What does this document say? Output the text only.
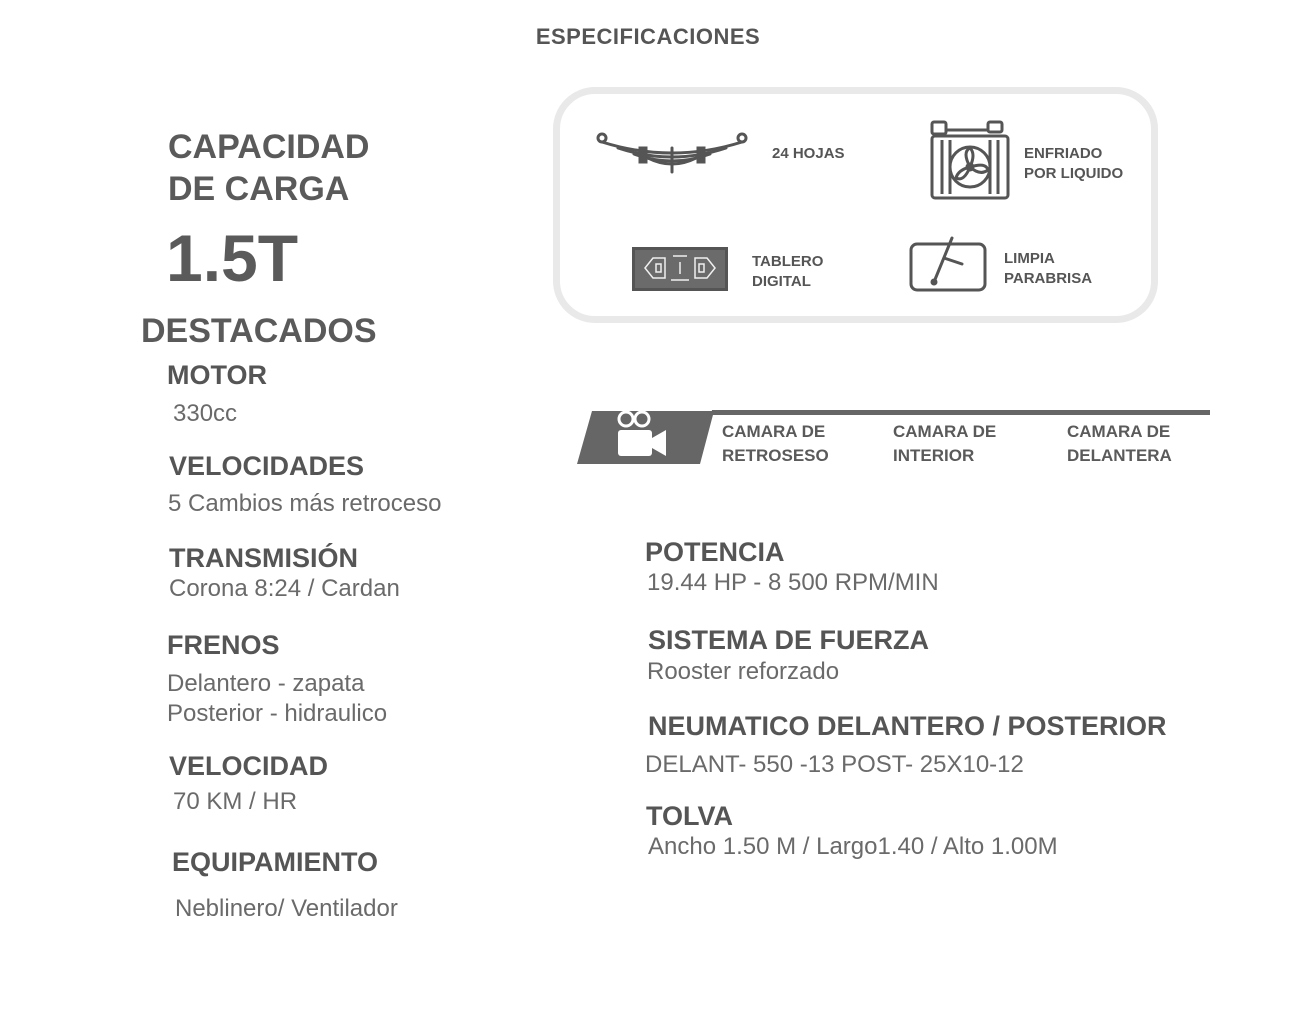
ESPECIFICACIONES
CAPACIDAD
DE CARGA
1.5T
DESTACADOS
MOTOR
330cc
VELOCIDADES
5 Cambios más retroceso
TRANSMISIÓN
Corona 8:24 / Cardan
FRENOS
Delantero - zapata
Posterior - hidraulico
VELOCIDAD
70 KM / HR
EQUIPAMIENTO
Neblinero/ Ventilador
24 HOJAS	ENFRIADO
POR LIQUIDO
TABLERO
DIGITAL
LIMPIA
PARABRISA
CAMARA DE
RETROSESO
CAMARA DE
INTERIOR
CAMARA DE
DELANTERA
POTENCIA
19.44 HP - 8 500 RPM/MIN
SISTEMA DE FUERZA
Rooster reforzado
NEUMATICO DELANTERO / POSTERIOR
DELANT- 550 -13 POST- 25X10-12
TOLVA
Ancho 1.50 M / Largo1.40 / Alto 1.00M
